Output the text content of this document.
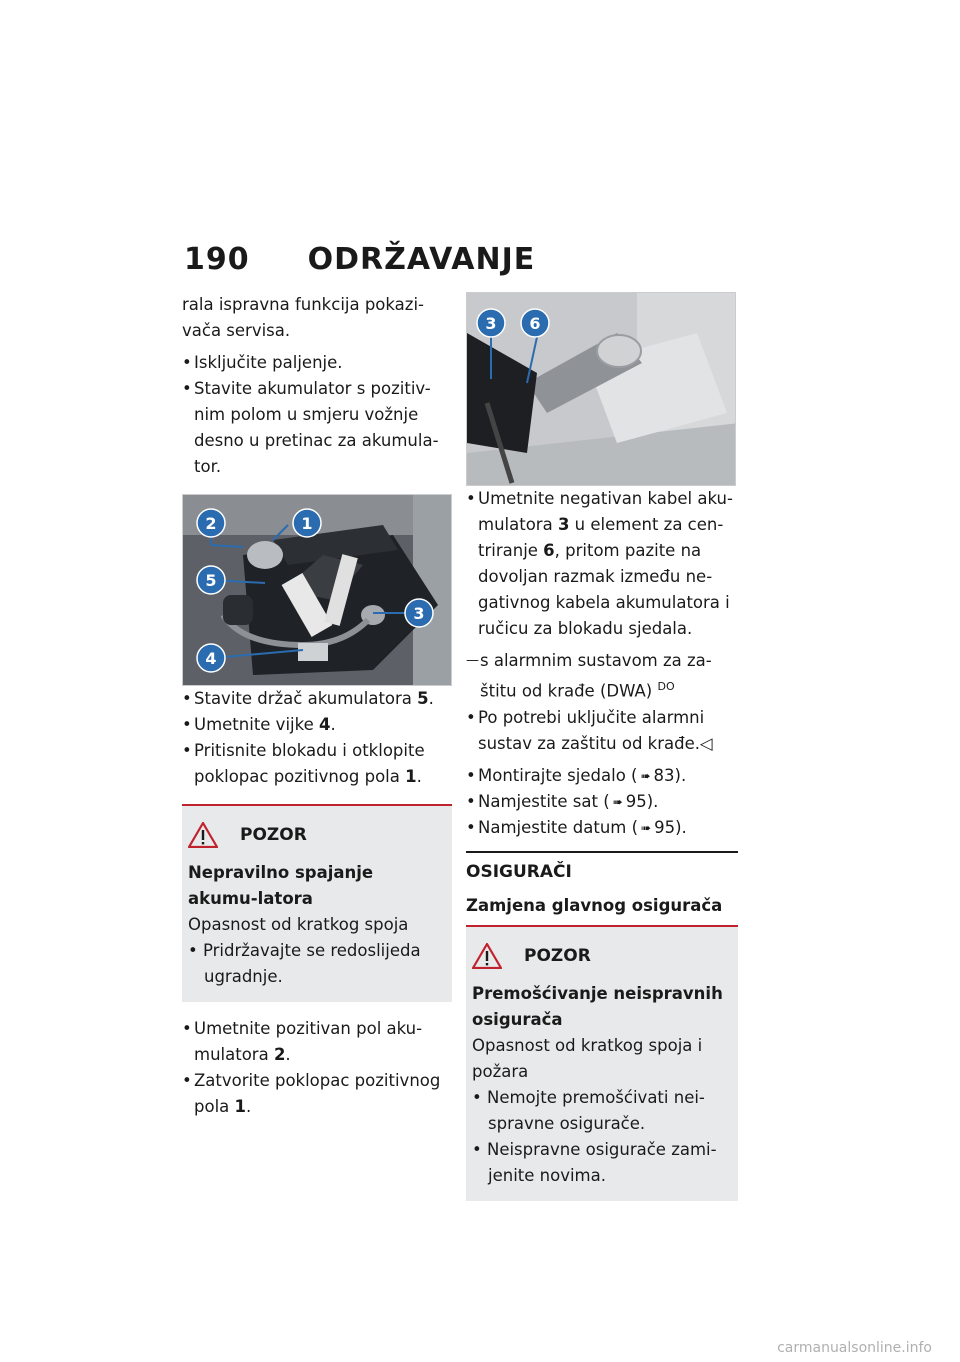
190 ODRŽAVANJE

rala ispravna funkcija pokazi-vača servisa.

• Isključite paljenje.

• Stavite akumulator s pozitiv-nim polom u smjeru vožnje desno u pretinac za akumula-tor.

1
2
3
4
5

• Stavite držač akumulatora 5.

• Umetnite vijke 4.

• Pritisnite blokadu i otklopite poklopac pozitivnog pola 1.

POZOR

Nepravilno spajanje akumu-latora

Opasnost od kratkog spoja

• Pridržavajte se redoslijeda ugradnje.

• Umetnite pozitivan pol aku-mulatora 2.

• Zatvorite poklopac pozitivnog pola 1.

3 6

• Umetnite negativan kabel aku-mulatora 3 u element za cen-triranje 6, pritom pazite na dovoljan razmak između ne-gativnog kabela akumulatora i ručicu za blokadu sjedala.

— s alarmnim sustavom za za-štitu od krađe (DWA) $^{DO}$

• Po potrebi uključite alarmni sustav za zaštitu od krađe.◁

• Montirajte sjedalo ( ➠ 83).

• Namjestite sat ( ➠ 95).

• Namjestite datum ( ➠ 95).

OSIGURAČI

Zamjena glavnog osigurača

POZOR

Premošćivanje neispravnih osigurača

Opasnost od kratkog spoja i požara

• Nemojte premošćivati nei-spravne osigurače.

• Neispravne osigurače zami-jenite novima.

carmanualsonline.info
